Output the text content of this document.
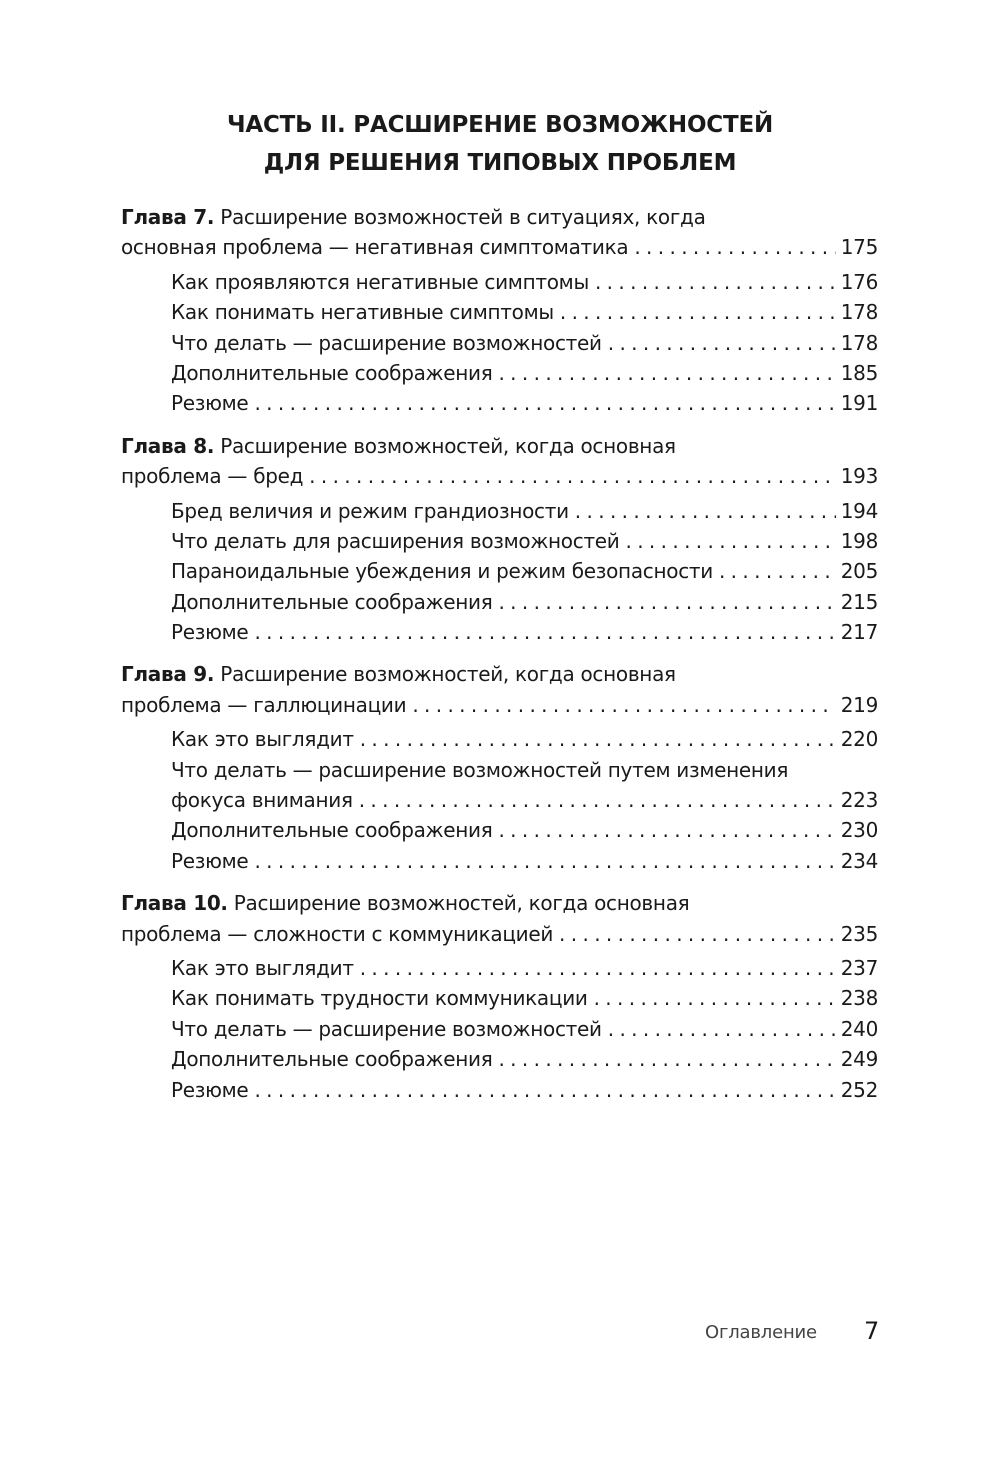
ЧАСТЬ II. РАСШИРЕНИЕ ВОЗМОЖНОСТЕЙ
ДЛЯ РЕШЕНИЯ ТИПОВЫХ ПРОБЛЕМ
Глава 7. Расширение возможностей в ситуациях, когда
основная проблема — негативная симптоматика . . .	175
Как проявляются негативные симптомы . . .	176
Как понимать негативные симптомы . . .	178
Что делать — расширение возможностей . . .	178
Дополнительные соображения . . .	185
Резюме . . .	191
Глава 8. Расширение возможностей, когда основная
проблема — бред . . .	193
Бред величия и режим грандиозности . . .	194
Что делать для расширения возможностей . . .	198
Параноидальные убеждения и режим безопасности . . .	205
Дополнительные соображения . . .	215
Резюме . . .	217
Глава 9. Расширение возможностей, когда основная
проблема — галлюцинации . . .	219
Как это выглядит . . .	220
Что делать — расширение возможностей путем изменения
фокуса внимания . . .	223
Дополнительные соображения . . .	230
Резюме . . .	234
Глава 10. Расширение возможностей, когда основная
проблема — сложности с коммуникацией . . .	235
Как это выглядит . . .	237
Как понимать трудности коммуникации . . .	238
Что делать — расширение возможностей . . .	240
Дополнительные соображения . . .	249
Резюме . . .	252
Оглавление 7
